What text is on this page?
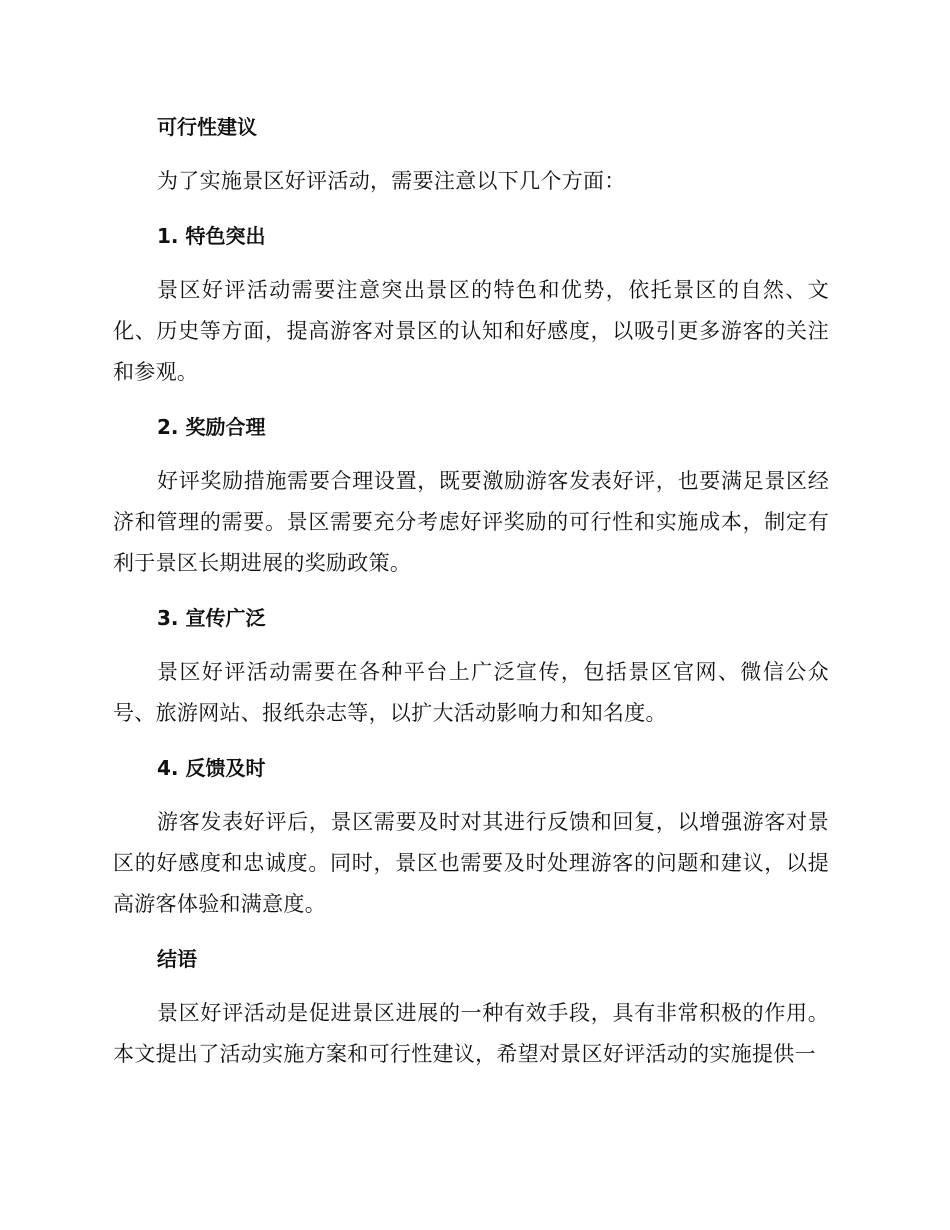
可行性建议

为了实施景区好评活动，需要注意以下几个方面：

1. 特色突出

景区好评活动需要注意突出景区的特色和优势，依托景区的自然、文化、历史等方面，提高游客对景区的认知和好感度，以吸引更多游客的关注和参观。

2. 奖励合理

好评奖励措施需要合理设置，既要激励游客发表好评，也要满足景区经济和管理的需要。景区需要充分考虑好评奖励的可行性和实施成本，制定有利于景区长期进展的奖励政策。

3. 宣传广泛

景区好评活动需要在各种平台上广泛宣传，包括景区官网、微信公众号、旅游网站、报纸杂志等，以扩大活动影响力和知名度。

4. 反馈及时

游客发表好评后，景区需要及时对其进行反馈和回复，以增强游客对景区的好感度和忠诚度。同时，景区也需要及时处理游客的问题和建议，以提高游客体验和满意度。

结语

景区好评活动是促进景区进展的一种有效手段，具有非常积极的作用。本文提出了活动实施方案和可行性建议，希望对景区好评活动的实施提供一
